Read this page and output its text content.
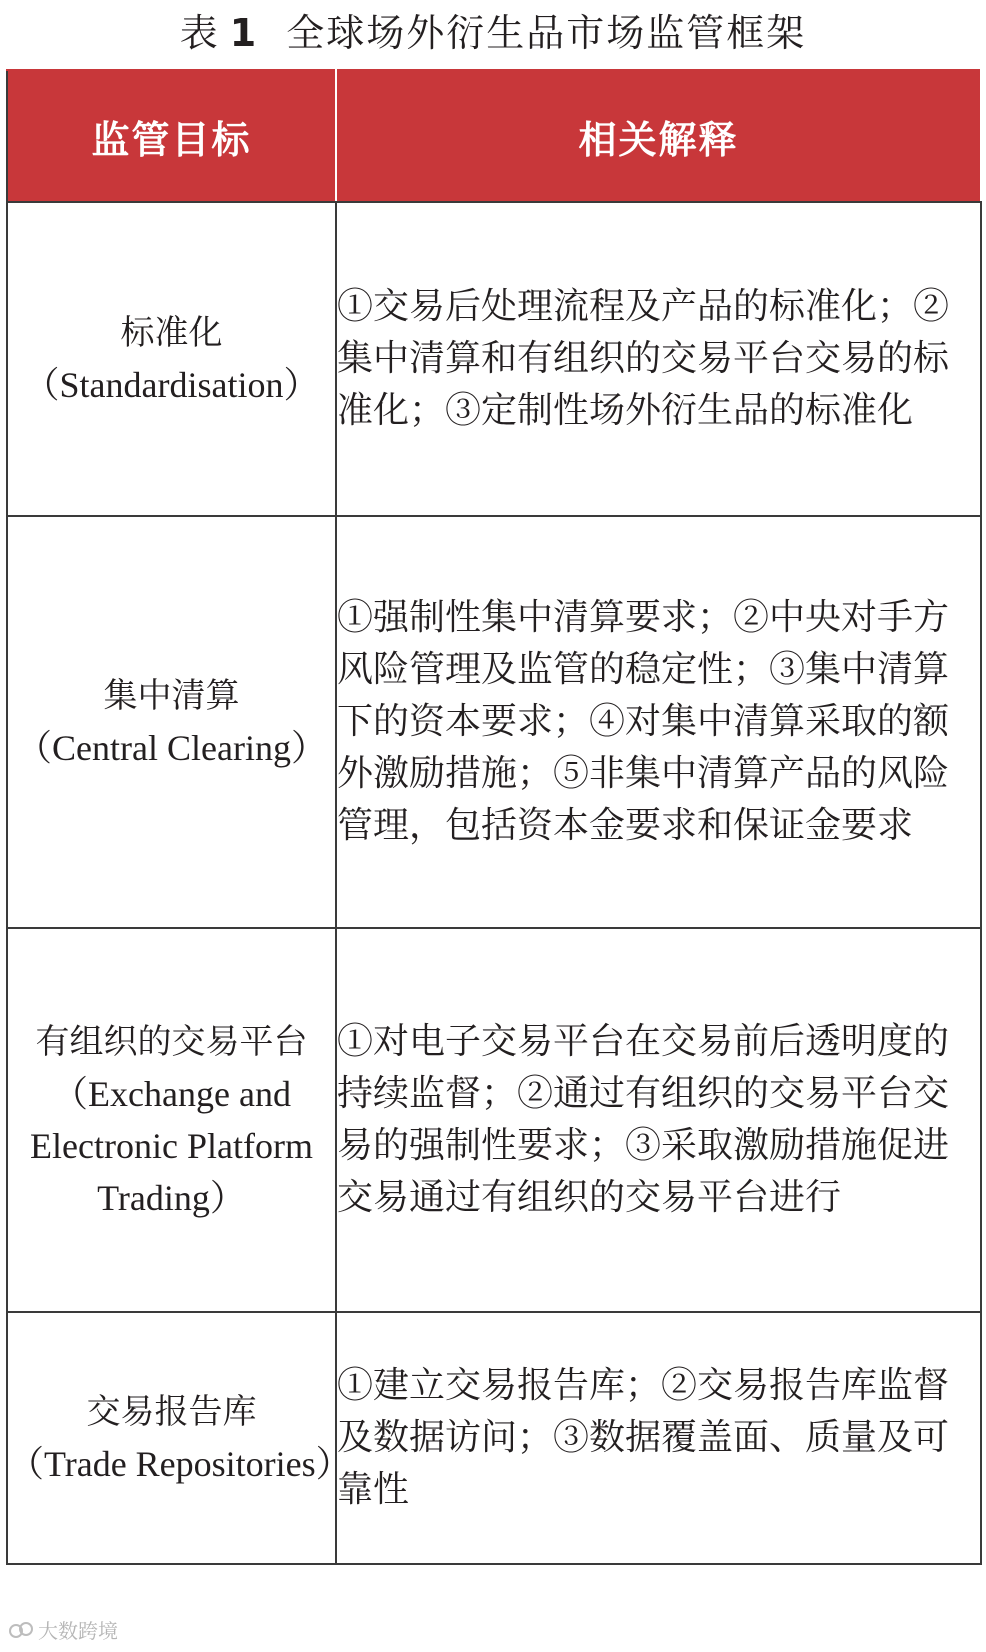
表 1 全球场外衍生品市场监管框架
监管目标	相关解释

标准化
（Standardisation）	①交易后处理流程及产品的标准化；②集中清算和有组织的交易平台交易的标准化；③定制性场外衍生品的标准化

集中清算
（Central Clearing）	①强制性集中清算要求；②中央对手方风险管理及监管的稳定性；③集中清算下的资本要求；④对集中清算采取的额外激励措施；⑤非集中清算产品的风险管理，包括资本金要求和保证金要求

有组织的交易平台
（Exchange and Electronic Platform Trading）	①对电子交易平台在交易前后透明度的持续监督；②通过有组织的交易平台交易的强制性要求；③采取激励措施促进交易通过有组织的交易平台进行

交易报告库
（Trade Repositories）	①建立交易报告库；②交易报告库监督及数据访问；③数据覆盖面、质量及可靠性
大数跨境
